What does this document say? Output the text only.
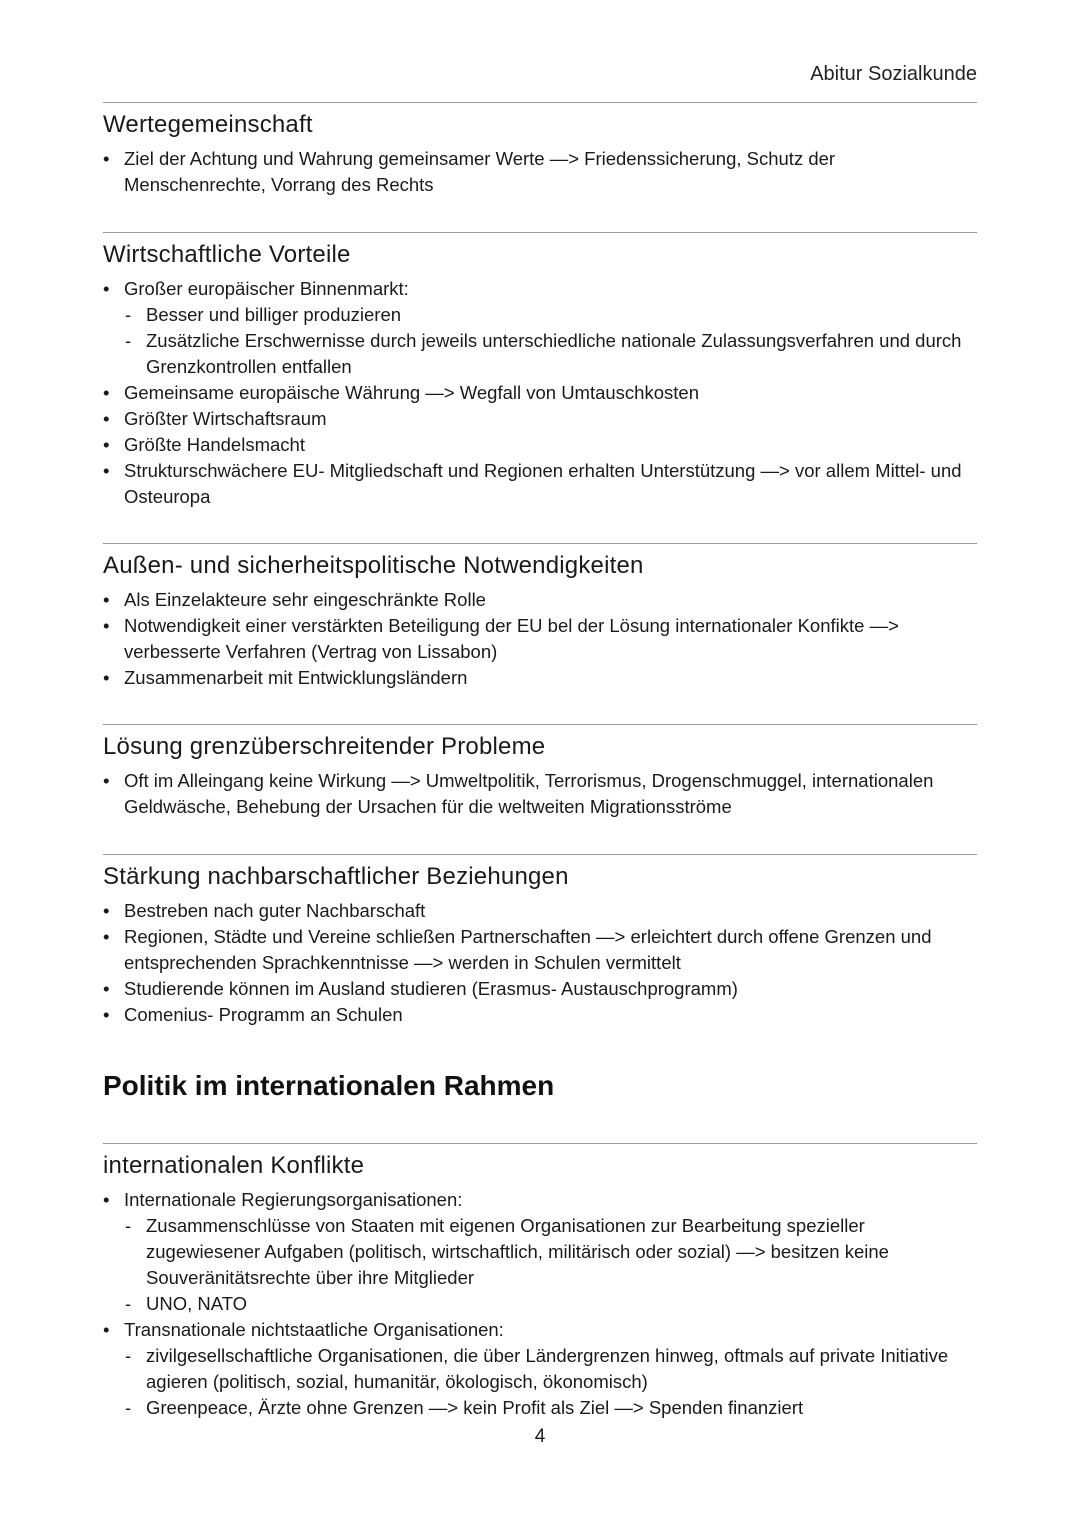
Abitur Sozialkunde
Wertegemeinschaft
• Ziel der Achtung und Wahrung gemeinsamer Werte —> Friedenssicherung, Schutz der Menschenrechte, Vorrang des Rechts
Wirtschaftliche Vorteile
• Großer europäischer Binnenmarkt:
- Besser und billiger produzieren
- Zusätzliche Erschwernisse durch jeweils unterschiedliche nationale Zulassungsverfahren und durch Grenzkontrollen entfallen
• Gemeinsame europäische Währung —> Wegfall von Umtauschkosten
• Größter Wirtschaftsraum
• Größte Handelsmacht
• Strukturschwächere EU- Mitgliedschaft und Regionen erhalten Unterstützung —> vor allem Mittel- und Osteuropa
Außen- und sicherheitspolitische Notwendigkeiten
• Als Einzelakteure sehr eingeschränkte Rolle
• Notwendigkeit einer verstärkten Beteiligung der EU bel der Lösung internationaler Konfikte —> verbesserte Verfahren (Vertrag von Lissabon)
• Zusammenarbeit mit Entwicklungsländern
Lösung grenzüberschreitender Probleme
• Oft im Alleingang keine Wirkung —> Umweltpolitik, Terrorismus, Drogenschmuggel, internationalen Geldwäsche, Behebung der Ursachen für die weltweiten Migrationsströme
Stärkung nachbarschaftlicher Beziehungen
• Bestreben nach guter Nachbarschaft
• Regionen, Städte und Vereine schließen Partnerschaften —> erleichtert durch offene Grenzen und entsprechenden Sprachkenntnisse —> werden in Schulen vermittelt
• Studierende können im Ausland studieren (Erasmus- Austauschprogramm)
• Comenius- Programm an Schulen
Politik im internationalen Rahmen
internationalen Konflikte
• Internationale Regierungsorganisationen:
- Zusammenschlüsse von Staaten mit eigenen Organisationen zur Bearbeitung spezieller zugewiesener Aufgaben (politisch, wirtschaftlich, militärisch oder sozial) —> besitzen keine Souveränitätsrechte über ihre Mitglieder
- UNO, NATO
• Transnationale nichtstaatliche Organisationen:
- zivilgesellschaftliche Organisationen, die über Ländergrenzen hinweg, oftmals auf private Initiative agieren (politisch, sozial, humanitär, ökologisch, ökonomisch)
- Greenpeace, Ärzte ohne Grenzen —> kein Profit als Ziel —> Spenden finanziert
4
